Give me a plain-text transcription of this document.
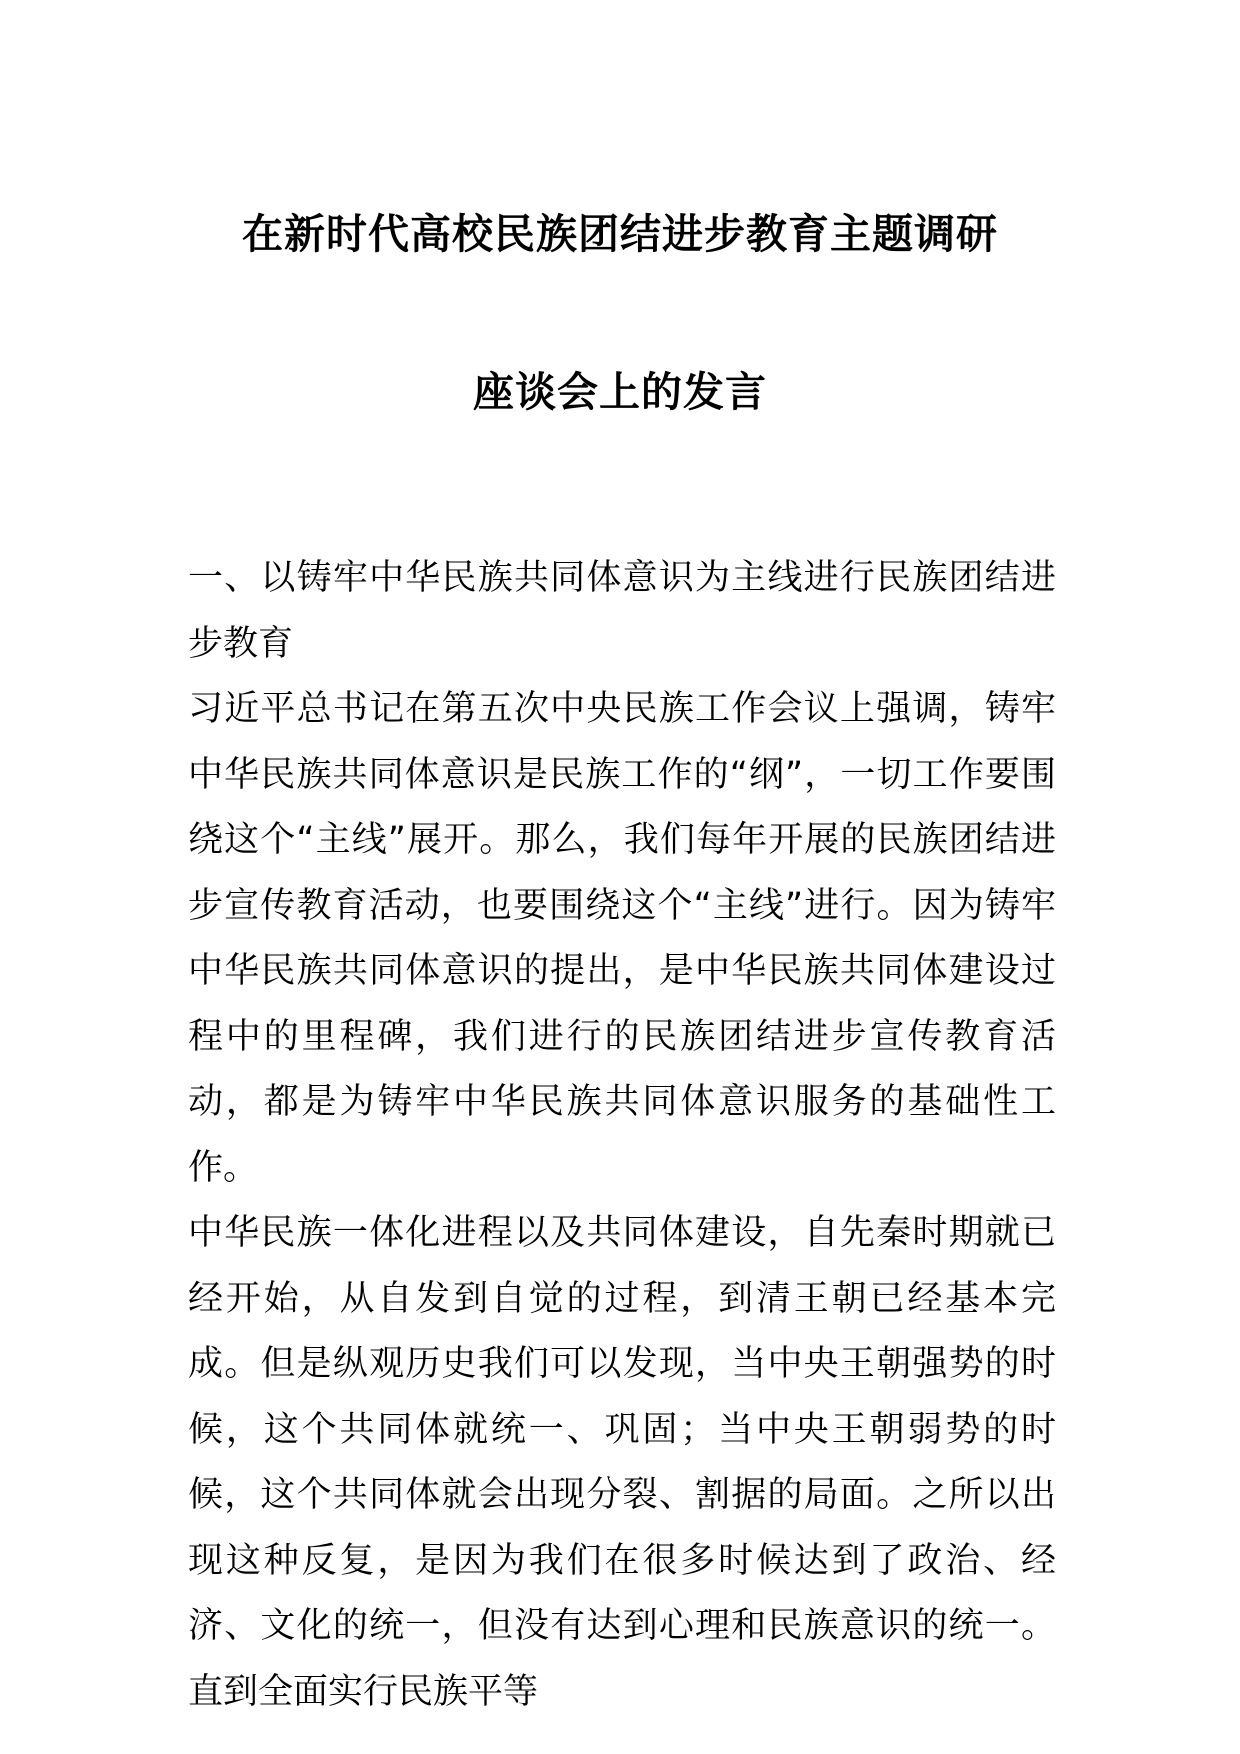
在新时代高校民族团结进步教育主题调研
座谈会上的发言

一、以铸牢中华民族共同体意识为主线进行民族团结进步教育

习近平总书记在第五次中央民族工作会议上强调，铸牢中华民族共同体意识是民族工作的“纲”，一切工作要围绕这个“主线”展开。那么，我们每年开展的民族团结进步宣传教育活动，也要围绕这个“主线”进行。因为铸牢中华民族共同体意识的提出，是中华民族共同体建设过程中的里程碑，我们进行的民族团结进步宣传教育活动，都是为铸牢中华民族共同体意识服务的基础性工作。

中华民族一体化进程以及共同体建设，自先秦时期就已经开始，从自发到自觉的过程，到清王朝已经基本完成。但是纵观历史我们可以发现，当中央王朝强势的时候，这个共同体就统一、巩固；当中央王朝弱势的时候，这个共同体就会出现分裂、割据的局面。之所以出现这种反复，是因为我们在很多时候达到了政治、经济、文化的统一，但没有达到心理和民族意识的统一。直到全面实行民族平等
